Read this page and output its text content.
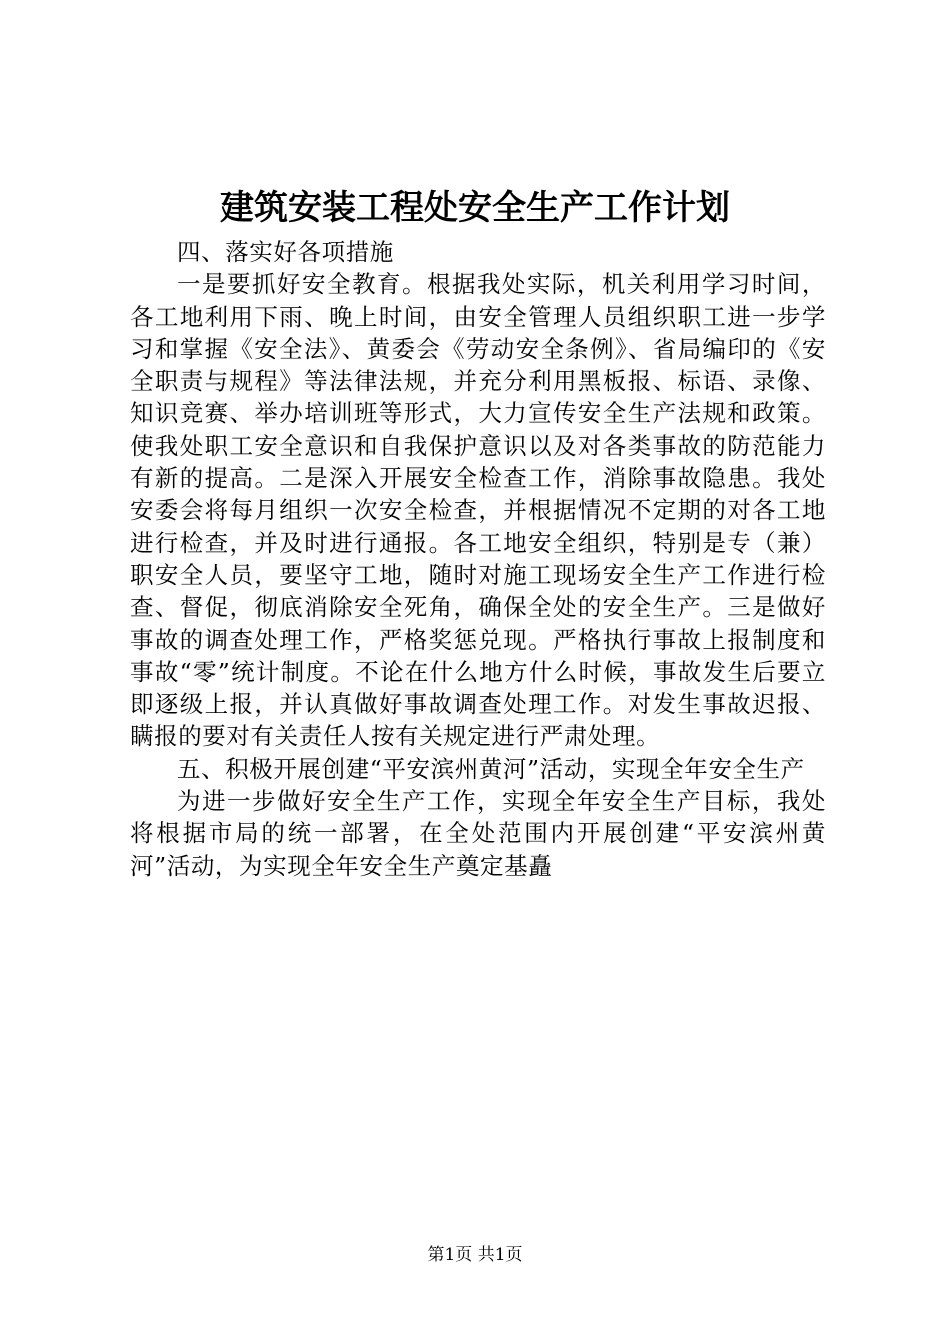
建筑安装工程处安全生产工作计划

四、落实好各项措施

一是要抓好安全教育。根据我处实际，机关利用学习时间，各工地利用下雨、晚上时间，由安全管理人员组织职工进一步学习和掌握《安全法》、黄委会《劳动安全条例》、省局编印的《安全职责与规程》等法律法规，并充分利用黑板报、标语、录像、知识竞赛、举办培训班等形式，大力宣传安全生产法规和政策。使我处职工安全意识和自我保护意识以及对各类事故的防范能力有新的提高。二是深入开展安全检查工作，消除事故隐患。我处安委会将每月组织一次安全检查，并根据情况不定期的对各工地进行检查，并及时进行通报。各工地安全组织，特别是专（兼）职安全人员，要坚守工地，随时对施工现场安全生产工作进行检查、督促，彻底消除安全死角，确保全处的安全生产。三是做好事故的调查处理工作，严格奖惩兑现。严格执行事故上报制度和事故“零”统计制度。不论在什么地方什么时候，事故发生后要立即逐级上报，并认真做好事故调查处理工作。对发生事故迟报、瞒报的要对有关责任人按有关规定进行严肃处理。

五、积极开展创建“平安滨州黄河”活动，实现全年安全生产

为进一步做好安全生产工作，实现全年安全生产目标，我处将根据市局的统一部署，在全处范围内开展创建“平安滨州黄河”活动，为实现全年安全生产奠定基矗

第1页 共1页
